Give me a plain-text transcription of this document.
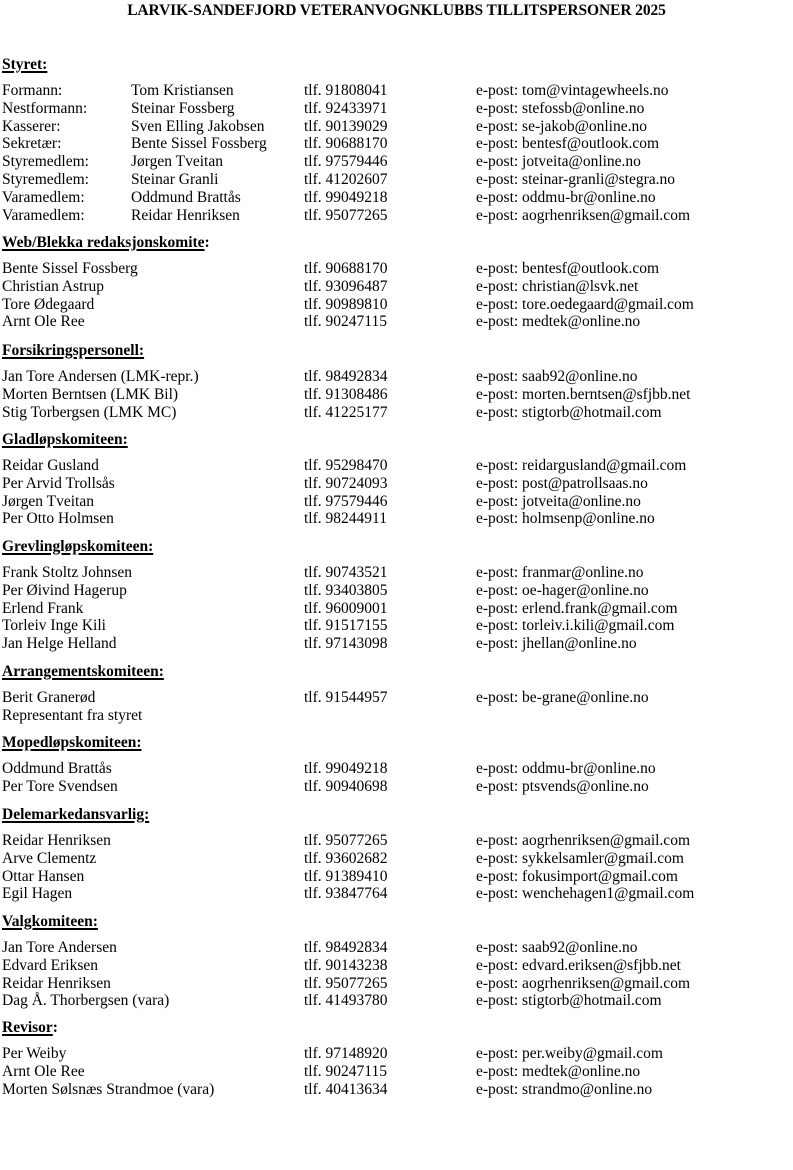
LARVIK-SANDEFJORD VETERANVOGNKLUBBS TILLITSPERSONER 2025
Styret:
Formann:	Tom Kristiansen	tlf. 91808041	e-post: tom@vintagewheels.no
Nestformann:	Steinar Fossberg	tlf. 92433971	e-post: stefossb@online.no
Kasserer:	Sven Elling Jakobsen	tlf. 90139029	e-post: se-jakob@online.no
Sekretær:	Bente Sissel Fossberg tlf. 90688170	e-post: bentesf@outlook.com
Styremedlem:	Jørgen Tveitan	tlf. 97579446	e-post: jotveita@online.no
Styremedlem:	Steinar Granli	tlf. 41202607	e-post: steinar-granli@stegra.no
Varamedlem:	Oddmund Brattås	tlf. 99049218	e-post: oddmu-br@online.no
Varamedlem:	Reidar Henriksen	tlf. 95077265	e-post: aogrhenriksen@gmail.com
Web/Blekka redaksjonskomite:
Bente Sissel Fossberg	tlf. 90688170	e-post: bentesf@outlook.com
Christian Astrup	tlf. 93096487	e-post: christian@lsvk.net
Tore Ødegaard	tlf. 90989810	e-post: tore.oedegaard@gmail.com
Arnt Ole Ree	tlf. 90247115	e-post: medtek@online.no
Forsikringspersonell:
Jan Tore Andersen (LMK-repr.)	tlf. 98492834	e-post: saab92@online.no
Morten Berntsen (LMK Bil)	tlf. 91308486	e-post: morten.berntsen@sfjbb.net
Stig Torbergsen (LMK MC)	tlf. 41225177	e-post: stigtorb@hotmail.com
Gladløpskomiteen:
Reidar Gusland	tlf. 95298470	e-post: reidargusland@gmail.com
Per Arvid Trollsås	tlf. 90724093	e-post: post@patrollsaas.no
Jørgen Tveitan	tlf. 97579446	e-post: jotveita@online.no
Per Otto Holmsen	tlf. 98244911	e-post: holmsenp@online.no
Grevlingløpskomiteen:
Frank Stoltz Johnsen	tlf. 90743521	e-post: franmar@online.no
Per Øivind Hagerup	tlf. 93403805	e-post: oe-hager@online.no
Erlend Frank	tlf. 96009001	e-post: erlend.frank@gmail.com
Torleiv Inge Kili	tlf. 91517155	e-post: torleiv.i.kili@gmail.com
Jan Helge Helland	tlf. 97143098	e-post: jhellan@online.no
Arrangementskomiteen:
Berit Granerød	tlf. 91544957	e-post: be-grane@online.no
Representant fra styret
Mopedløpskomiteen:
Oddmund Brattås	tlf. 99049218	e-post: oddmu-br@online.no
Per Tore Svendsen	tlf. 90940698	e-post: ptsvends@online.no
Delemarkedansvarlig:
Reidar Henriksen	tlf. 95077265	e-post: aogrhenriksen@gmail.com
Arve Clementz	tlf. 93602682	e-post: sykkelsamler@gmail.com
Ottar Hansen	tlf. 91389410	e-post: fokusimport@gmail.com
Egil Hagen	tlf. 93847764	e-post: wenchehagen1@gmail.com
Valgkomiteen:
Jan Tore Andersen	tlf. 98492834	e-post: saab92@online.no
Edvard Eriksen	tlf. 90143238	e-post: edvard.eriksen@sfjbb.net
Reidar Henriksen	tlf. 95077265	e-post: aogrhenriksen@gmail.com
Dag Å. Thorbergsen (vara)	tlf. 41493780	e-post: stigtorb@hotmail.com
Revisor:
Per Weiby	tlf. 97148920	e-post: per.weiby@gmail.com
Arnt Ole Ree	tlf. 90247115	e-post: medtek@online.no
Morten Sølsnæs Strandmoe (vara)	tlf. 40413634	e-post: strandmo@online.no
